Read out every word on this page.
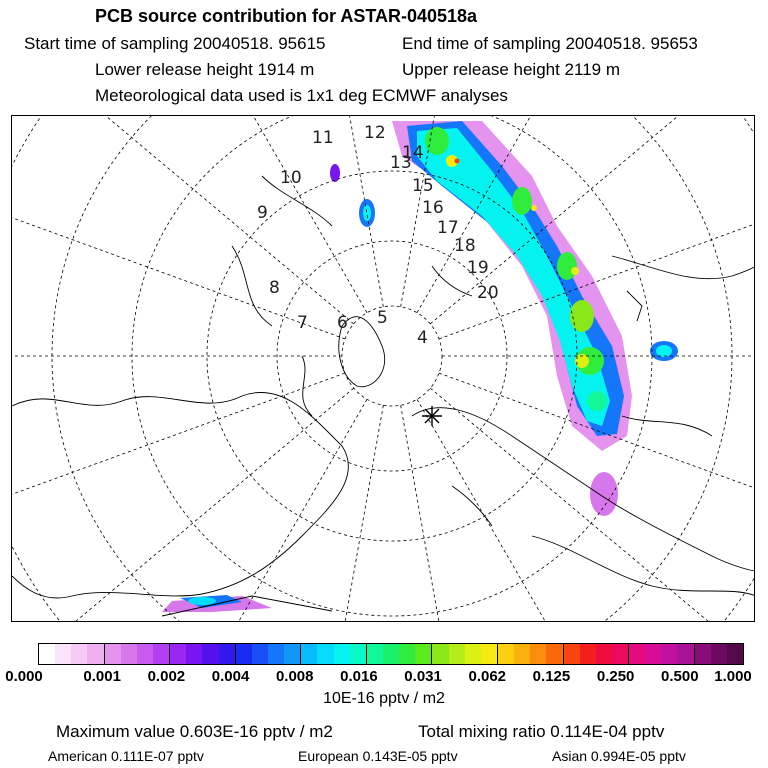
PCB source contribution for ASTAR-040518a
Start time of sampling 20040518. 95615	End time of sampling 20040518. 95653
Lower release height 1914 m	Upper release height 2119 m
Meteorological data used is 1x1 deg ECMWF analyses
4
5
6
7
8
9
10
11 12
13
14
15
16
17
18
19
20
0.000	0.001 0.002 0.004 0.008 0.016 0.031 0.062 0.125 0.250 0.500 1.000
10E-16 pptv / m2
Maximum value 0.603E-16 pptv / m2	Total mixing ratio 0.114E-04 pptv
American 0.111E-07 pptv	European 0.143E-05 pptv	Asian 0.994E-05 pptv
